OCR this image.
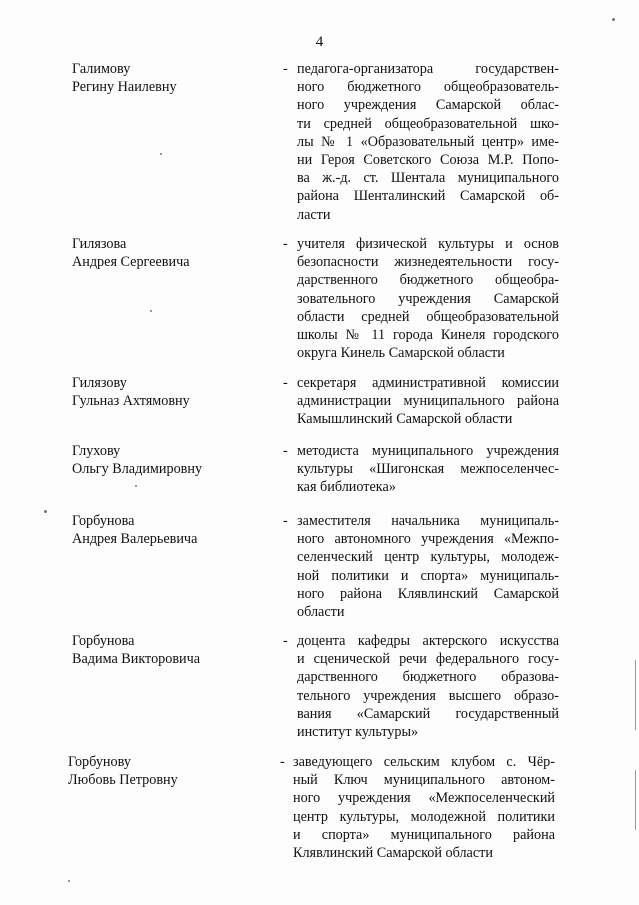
4
Галимову
Регину Наилевну
- педагога-организатора государствен-
ного бюджетного общеобразователь-
ного учреждения Самарской облас-
ти средней общеобразовательной шко-
лы № 1 «Образовательный центр» име-
ни Героя Советского Союза М.Р. Попо-
ва ж.-д. ст. Шентала муниципального
района Шенталинский Самарской об-
ласти
Гилязова
Андрея Сергеевича
- учителя физической культуры и основ
безопасности жизнедеятельности госу-
дарственного бюджетного общеобра-
зовательного учреждения Самарской
области средней общеобразовательной
школы № 11 города Кинеля городского
округа Кинель Самарской области
Гилязову
Гульназ Ахтямовну
- секретаря административной комиссии
администрации муниципального района
Камышлинский Самарской области
Глухову
Ольгу Владимировну
- методиста муниципального учреждения
культуры «Шигонская межпоселенчес-
кая библиотека»
Горбунова
Андрея Валерьевича
- заместителя начальника муниципаль-
ного автономного учреждения «Межпо-
селенческий центр культуры, молодеж-
ной политики и спорта» муниципаль-
ного района Клявлинский Самарской
области
Горбунова
Вадима Викторовича
- доцента кафедры актерского искусства
и сценической речи федерального госу-
дарственного бюджетного образова-
тельного учреждения высшего образо-
вания «Самарский государственный
институт культуры»
Горбунову
Любовь Петровну
- заведующего сельским клубом с. Чёр-
ный Ключ муниципального автоном-
ного учреждения «Межпоселенческий
центр культуры, молодежной политики
и спорта» муниципального района
Клявлинский Самарской области
